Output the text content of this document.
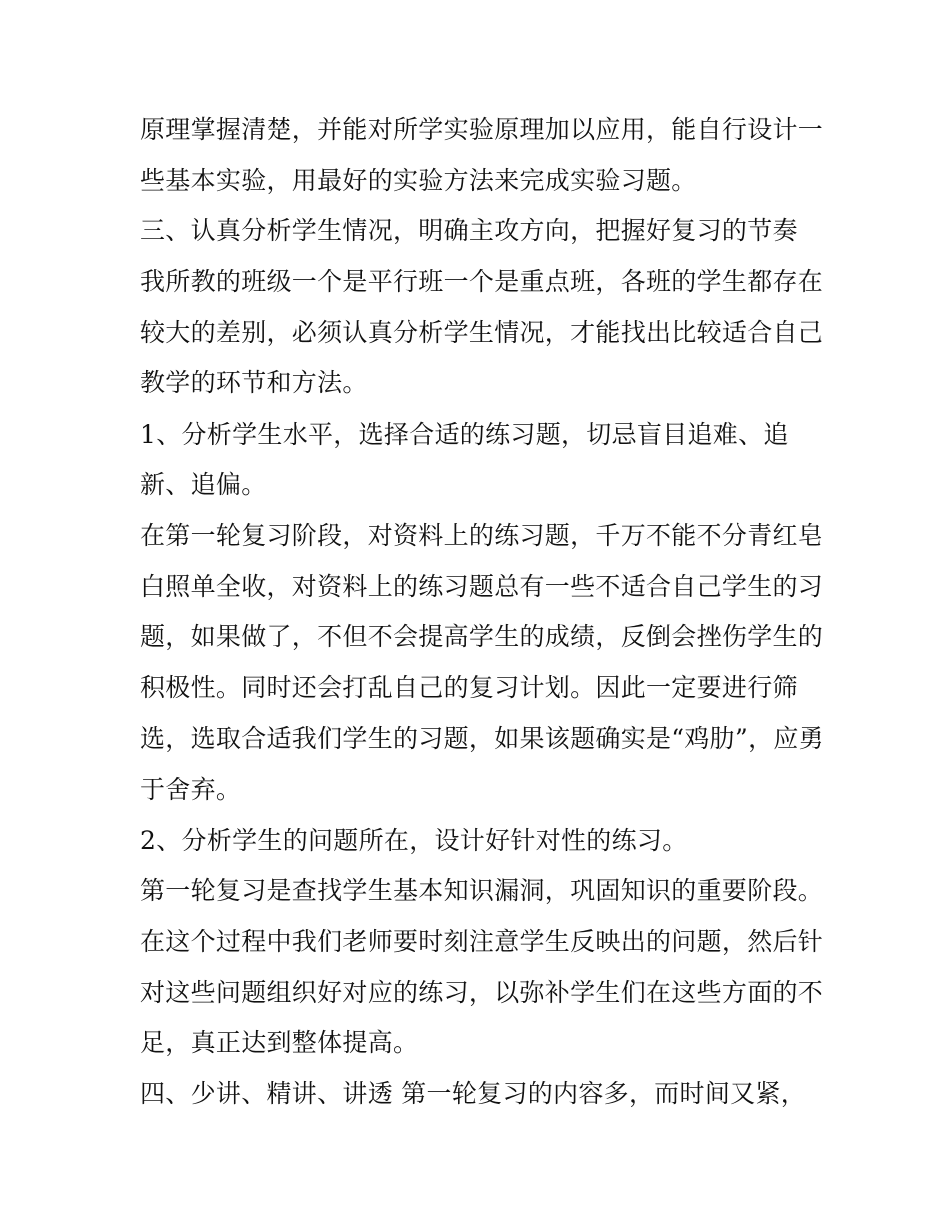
原理掌握清楚，并能对所学实验原理加以应用，能自行设计一
些基本实验，用最好的实验方法来完成实验习题。
三、认真分析学生情况，明确主攻方向，把握好复习的节奏
我所教的班级一个是平行班一个是重点班，各班的学生都存在
较大的差别，必须认真分析学生情况，才能找出比较适合自己
教学的环节和方法。
1、分析学生水平，选择合适的练习题，切忌盲目追难、追
新、追偏。
在第一轮复习阶段，对资料上的练习题，千万不能不分青红皂
白照单全收，对资料上的练习题总有一些不适合自己学生的习
题，如果做了，不但不会提高学生的成绩，反倒会挫伤学生的
积极性。同时还会打乱自己的复习计划。因此一定要进行筛
选，选取合适我们学生的习题，如果该题确实是“鸡肋”，应勇
于舍弃。
2、分析学生的问题所在，设计好针对性的练习。
第一轮复习是查找学生基本知识漏洞，巩固知识的重要阶段。
在这个过程中我们老师要时刻注意学生反映出的问题，然后针
对这些问题组织好对应的练习，以弥补学生们在这些方面的不
足，真正达到整体提高。
四、少讲、精讲、讲透 第一轮复习的内容多，而时间又紧，
